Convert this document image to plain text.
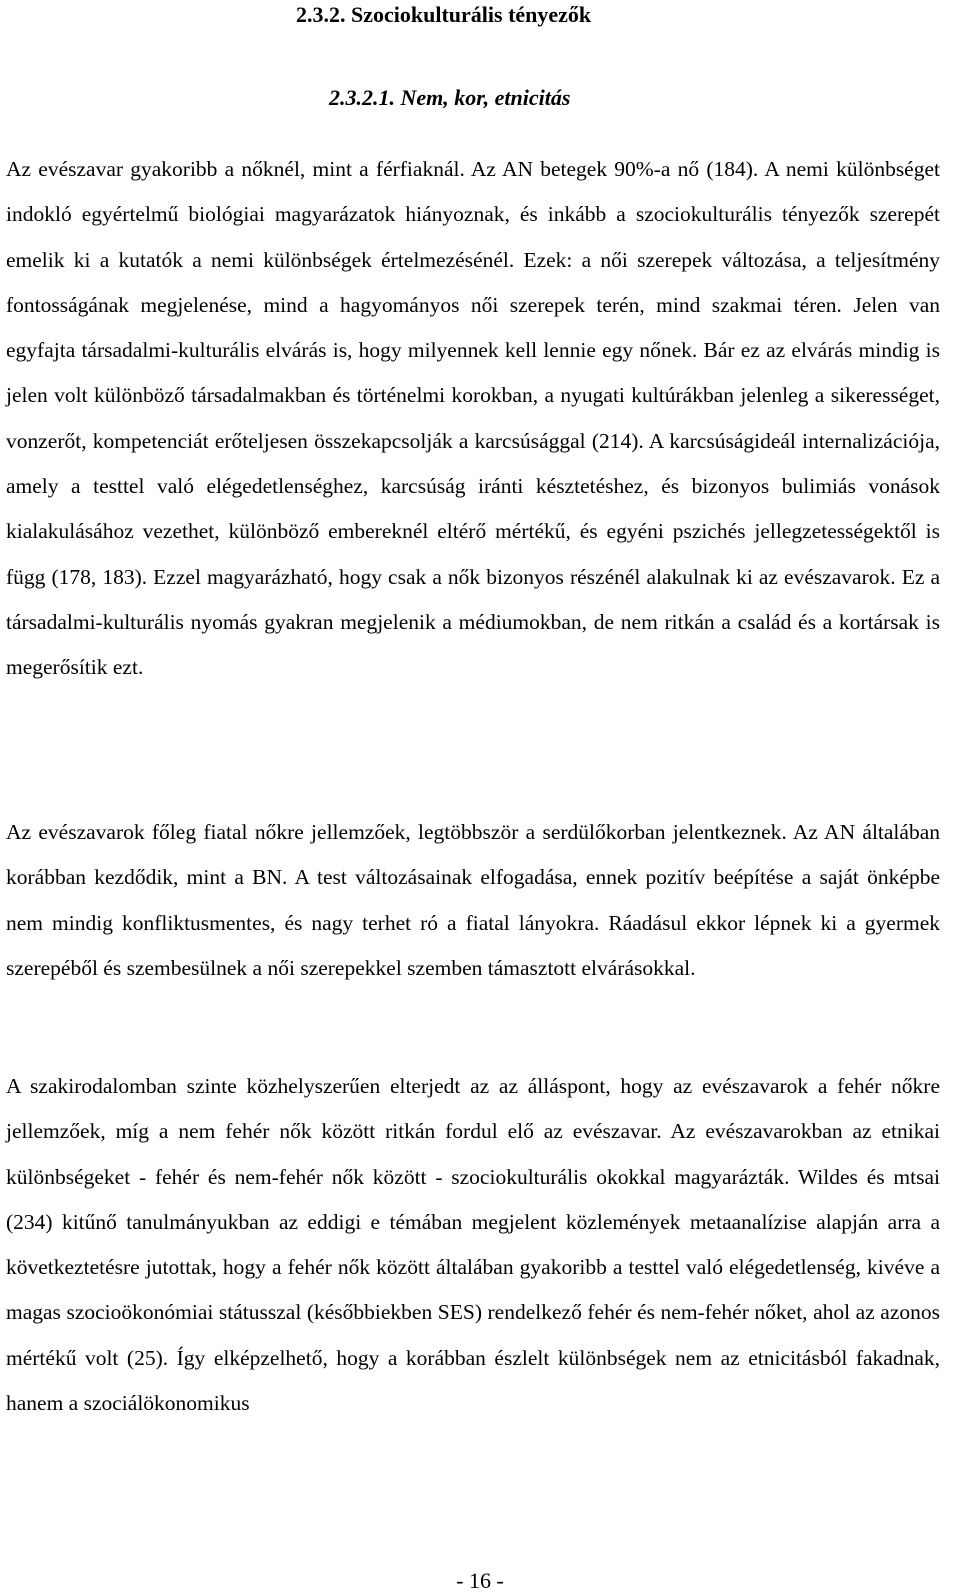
2.3.2. Szociokulturális tényezők
2.3.2.1. Nem, kor, etnicitás

Az evészavar gyakoribb a nőknél, mint a férfiaknál. Az AN betegek 90%-a nő (184). A nemi különbséget indokló egyértelmű biológiai magyarázatok hiányoznak, és inkább a szociokulturális tényezők szerepét emelik ki a kutatók a nemi különbségek értelmezésénél. Ezek: a női szerepek változása, a teljesítmény fontosságának megjelenése, mind a hagyományos női szerepek terén, mind szakmai téren. Jelen van egyfajta társadalmi-kulturális elvárás is, hogy milyennek kell lennie egy nőnek. Bár ez az elvárás mindig is jelen volt különböző társadalmakban és történelmi korokban, a nyugati kultúrákban jelenleg a sikerességet, vonzerőt, kompetenciát erőteljesen összekapcsolják a karcsúsággal (214). A karcsúságideál internalizációja, amely a testtel való elégedetlenséghez, karcsúság iránti késztetéshez, és bizonyos bulimiás vonások kialakulásához vezethet, különböző embereknél eltérő mértékű, és egyéni pszichés jellegzetességektől is függ (178, 183). Ezzel magyarázható, hogy csak a nők bizonyos részénél alakulnak ki az evészavarok. Ez a társadalmi-kulturális nyomás gyakran megjelenik a médiumokban, de nem ritkán a család és a kortársak is megerősítik ezt.

Az evészavarok főleg fiatal nőkre jellemzőek, legtöbbször a serdülőkorban jelentkeznek. Az AN általában korábban kezdődik, mint a BN. A test változásainak elfogadása, ennek pozitív beépítése a saját önképbe nem mindig konfliktusmentes, és nagy terhet ró a fiatal lányokra. Ráadásul ekkor lépnek ki a gyermek szerepéből és szembesülnek a női szerepekkel szemben támasztott elvárásokkal.

A szakirodalomban szinte közhelyszerűen elterjedt az az álláspont, hogy az evészavarok a fehér nőkre jellemzőek, míg a nem fehér nők között ritkán fordul elő az evészavar. Az evészavarokban az etnikai különbségeket - fehér és nem-fehér nők között - szociokulturális okokkal magyarázták. Wildes és mtsai (234) kitűnő tanulmányukban az eddigi e témában megjelent közlemények metaanalízise alapján arra a következtetésre jutottak, hogy a fehér nők között általában gyakoribb a testtel való elégedetlenség, kivéve a magas szocioökonómiai státusszal (későbbiekben SES) rendelkező fehér és nem-fehér nőket, ahol az azonos mértékű volt (25). Így elképzelhető, hogy a korábban észlelt különbségek nem az etnicitásból fakadnak, hanem a szociálökonomikus

- 16 -
